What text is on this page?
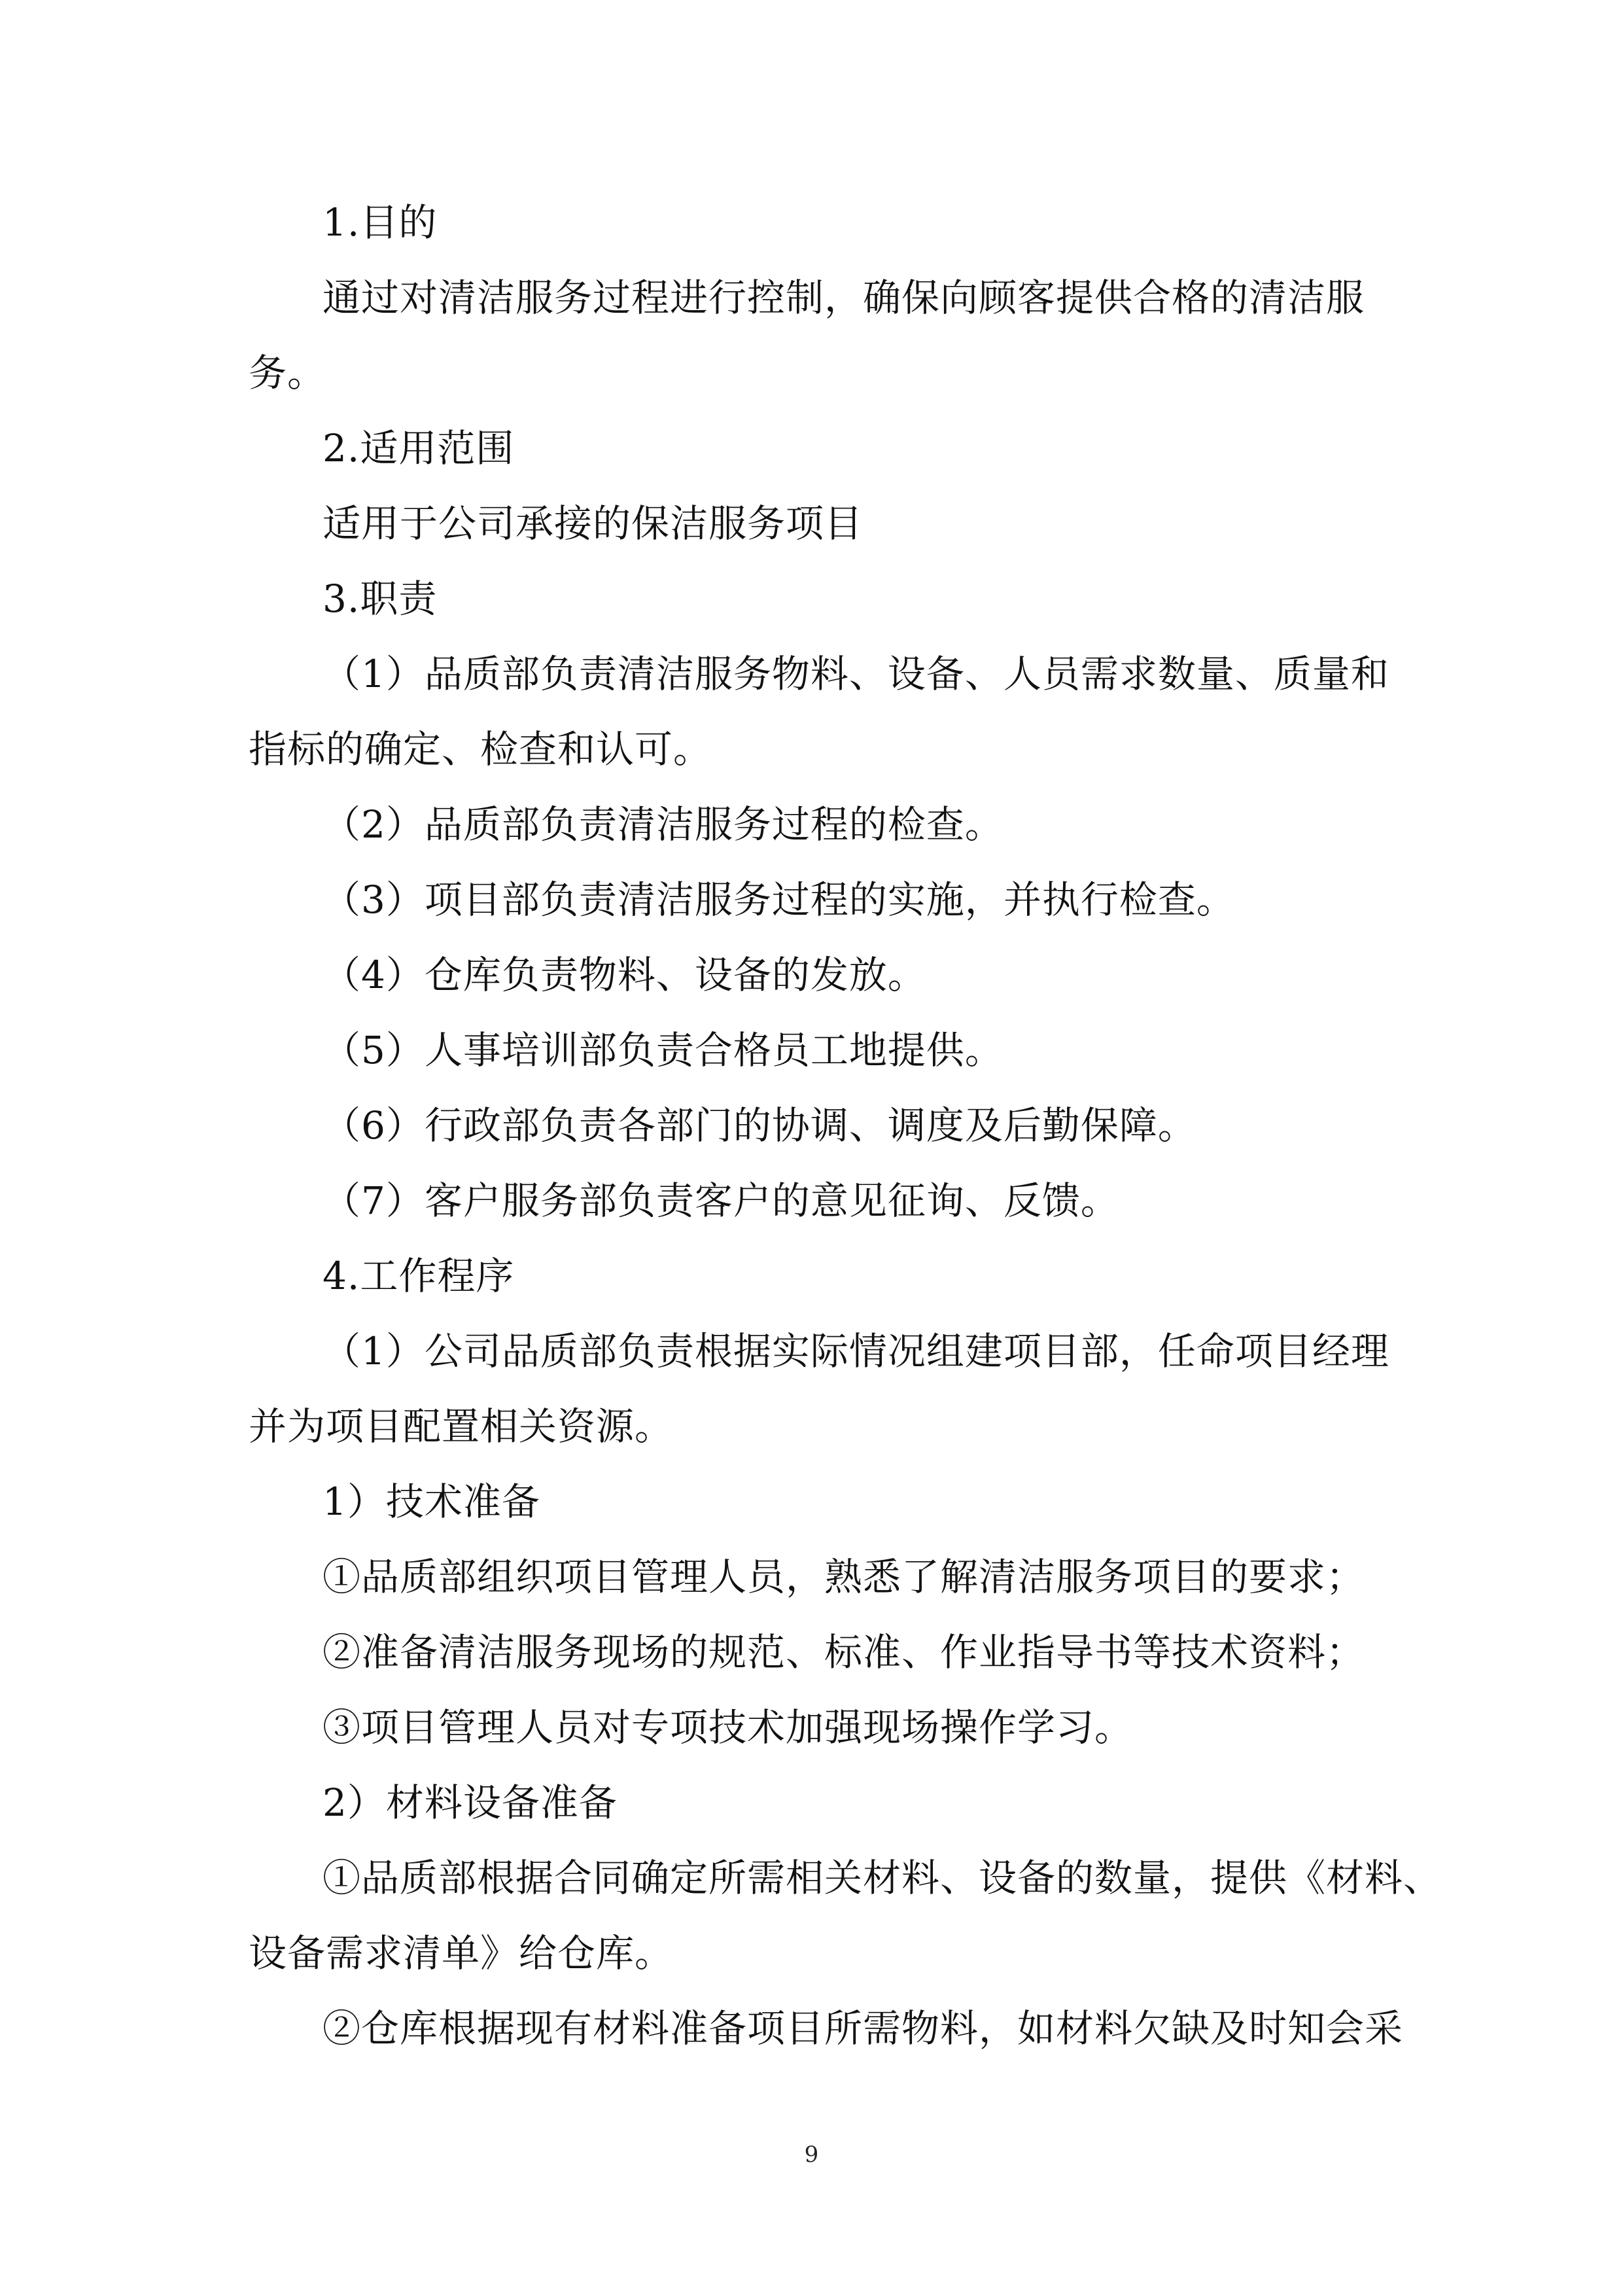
1.目的
通过对清洁服务过程进行控制，确保向顾客提供合格的清洁服
务。
2.适用范围
适用于公司承接的保洁服务项目
3.职责
（1）品质部负责清洁服务物料、设备、人员需求数量、质量和
指标的确定、检查和认可。
（2）品质部负责清洁服务过程的检查。
（3）项目部负责清洁服务过程的实施，并执行检查。
（4）仓库负责物料、设备的发放。
（5）人事培训部负责合格员工地提供。
（6）行政部负责各部门的协调、调度及后勤保障。
（7）客户服务部负责客户的意见征询、反馈。
4.工作程序
（1）公司品质部负责根据实际情况组建项目部，任命项目经理
并为项目配置相关资源。
1）技术准备
①品质部组织项目管理人员，熟悉了解清洁服务项目的要求；
②准备清洁服务现场的规范、标准、作业指导书等技术资料；
③项目管理人员对专项技术加强现场操作学习。
2）材料设备准备
①品质部根据合同确定所需相关材料、设备的数量，提供《材料、
设备需求清单》给仓库。
②仓库根据现有材料准备项目所需物料，如材料欠缺及时知会采
9
